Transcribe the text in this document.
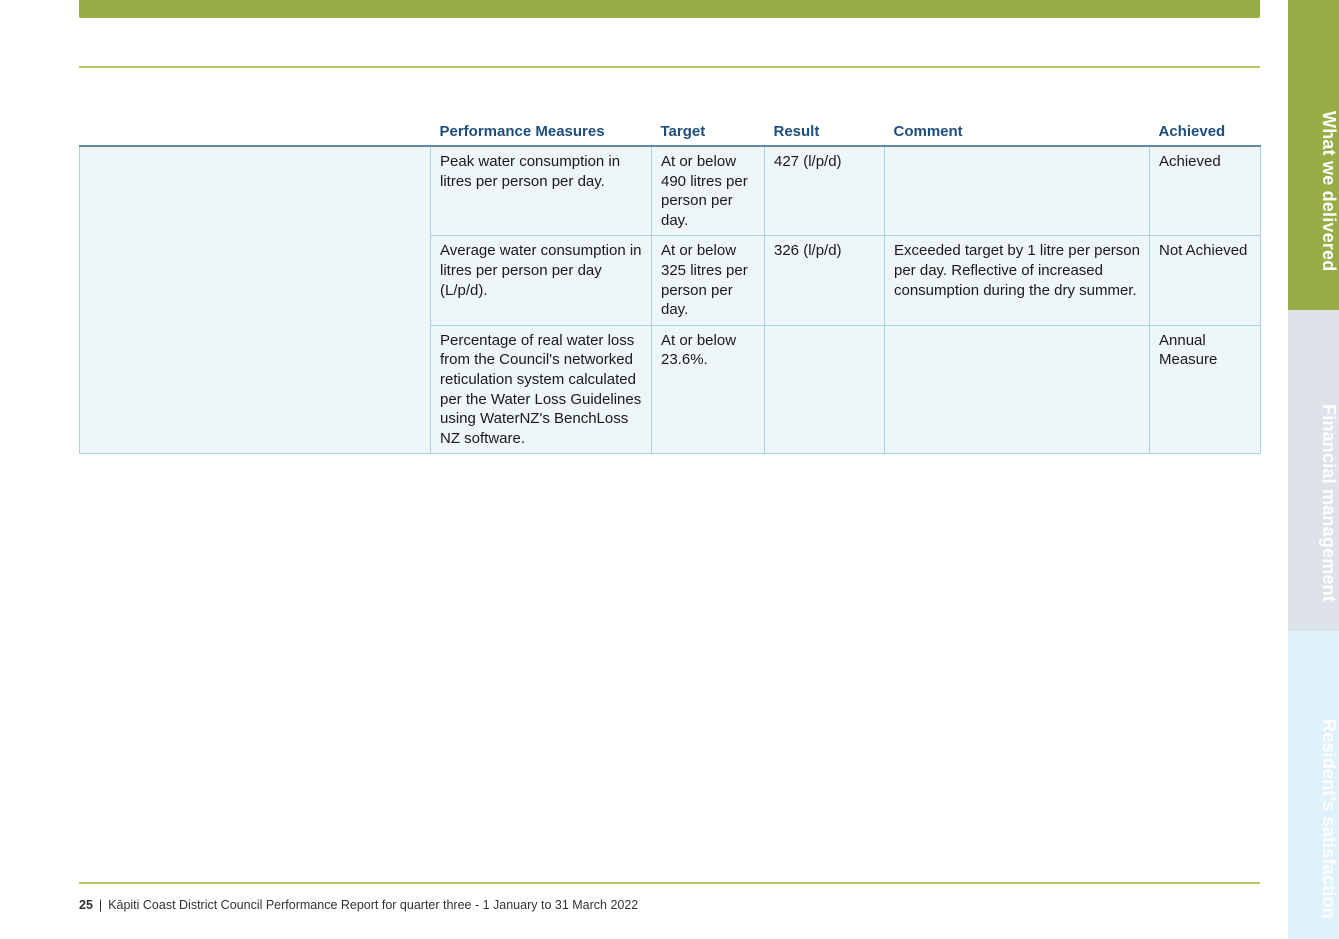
	Performance Measures	Target	Result	Comment	Achieved
	Peak water consumption in litres per person per day.	At or below 490 litres per person per day.	427 (l/p/d)		Achieved
	Average water consumption in litres per person per day (L/p/d).	At or below 325 litres per person per day.	326 (l/p/d)	Exceeded target by 1 litre per person per day. Reflective of increased consumption during the dry summer.	Not Achieved
	Percentage of real water loss from the Council's networked reticulation system calculated per the Water Loss Guidelines using WaterNZ's BenchLoss NZ software.	At or below 23.6%.			Annual Measure
What we delivered
Financial management
Resident's satisfaction
25 | Kāpiti Coast District Council Performance Report for quarter three - 1 January to 31 March 2022
